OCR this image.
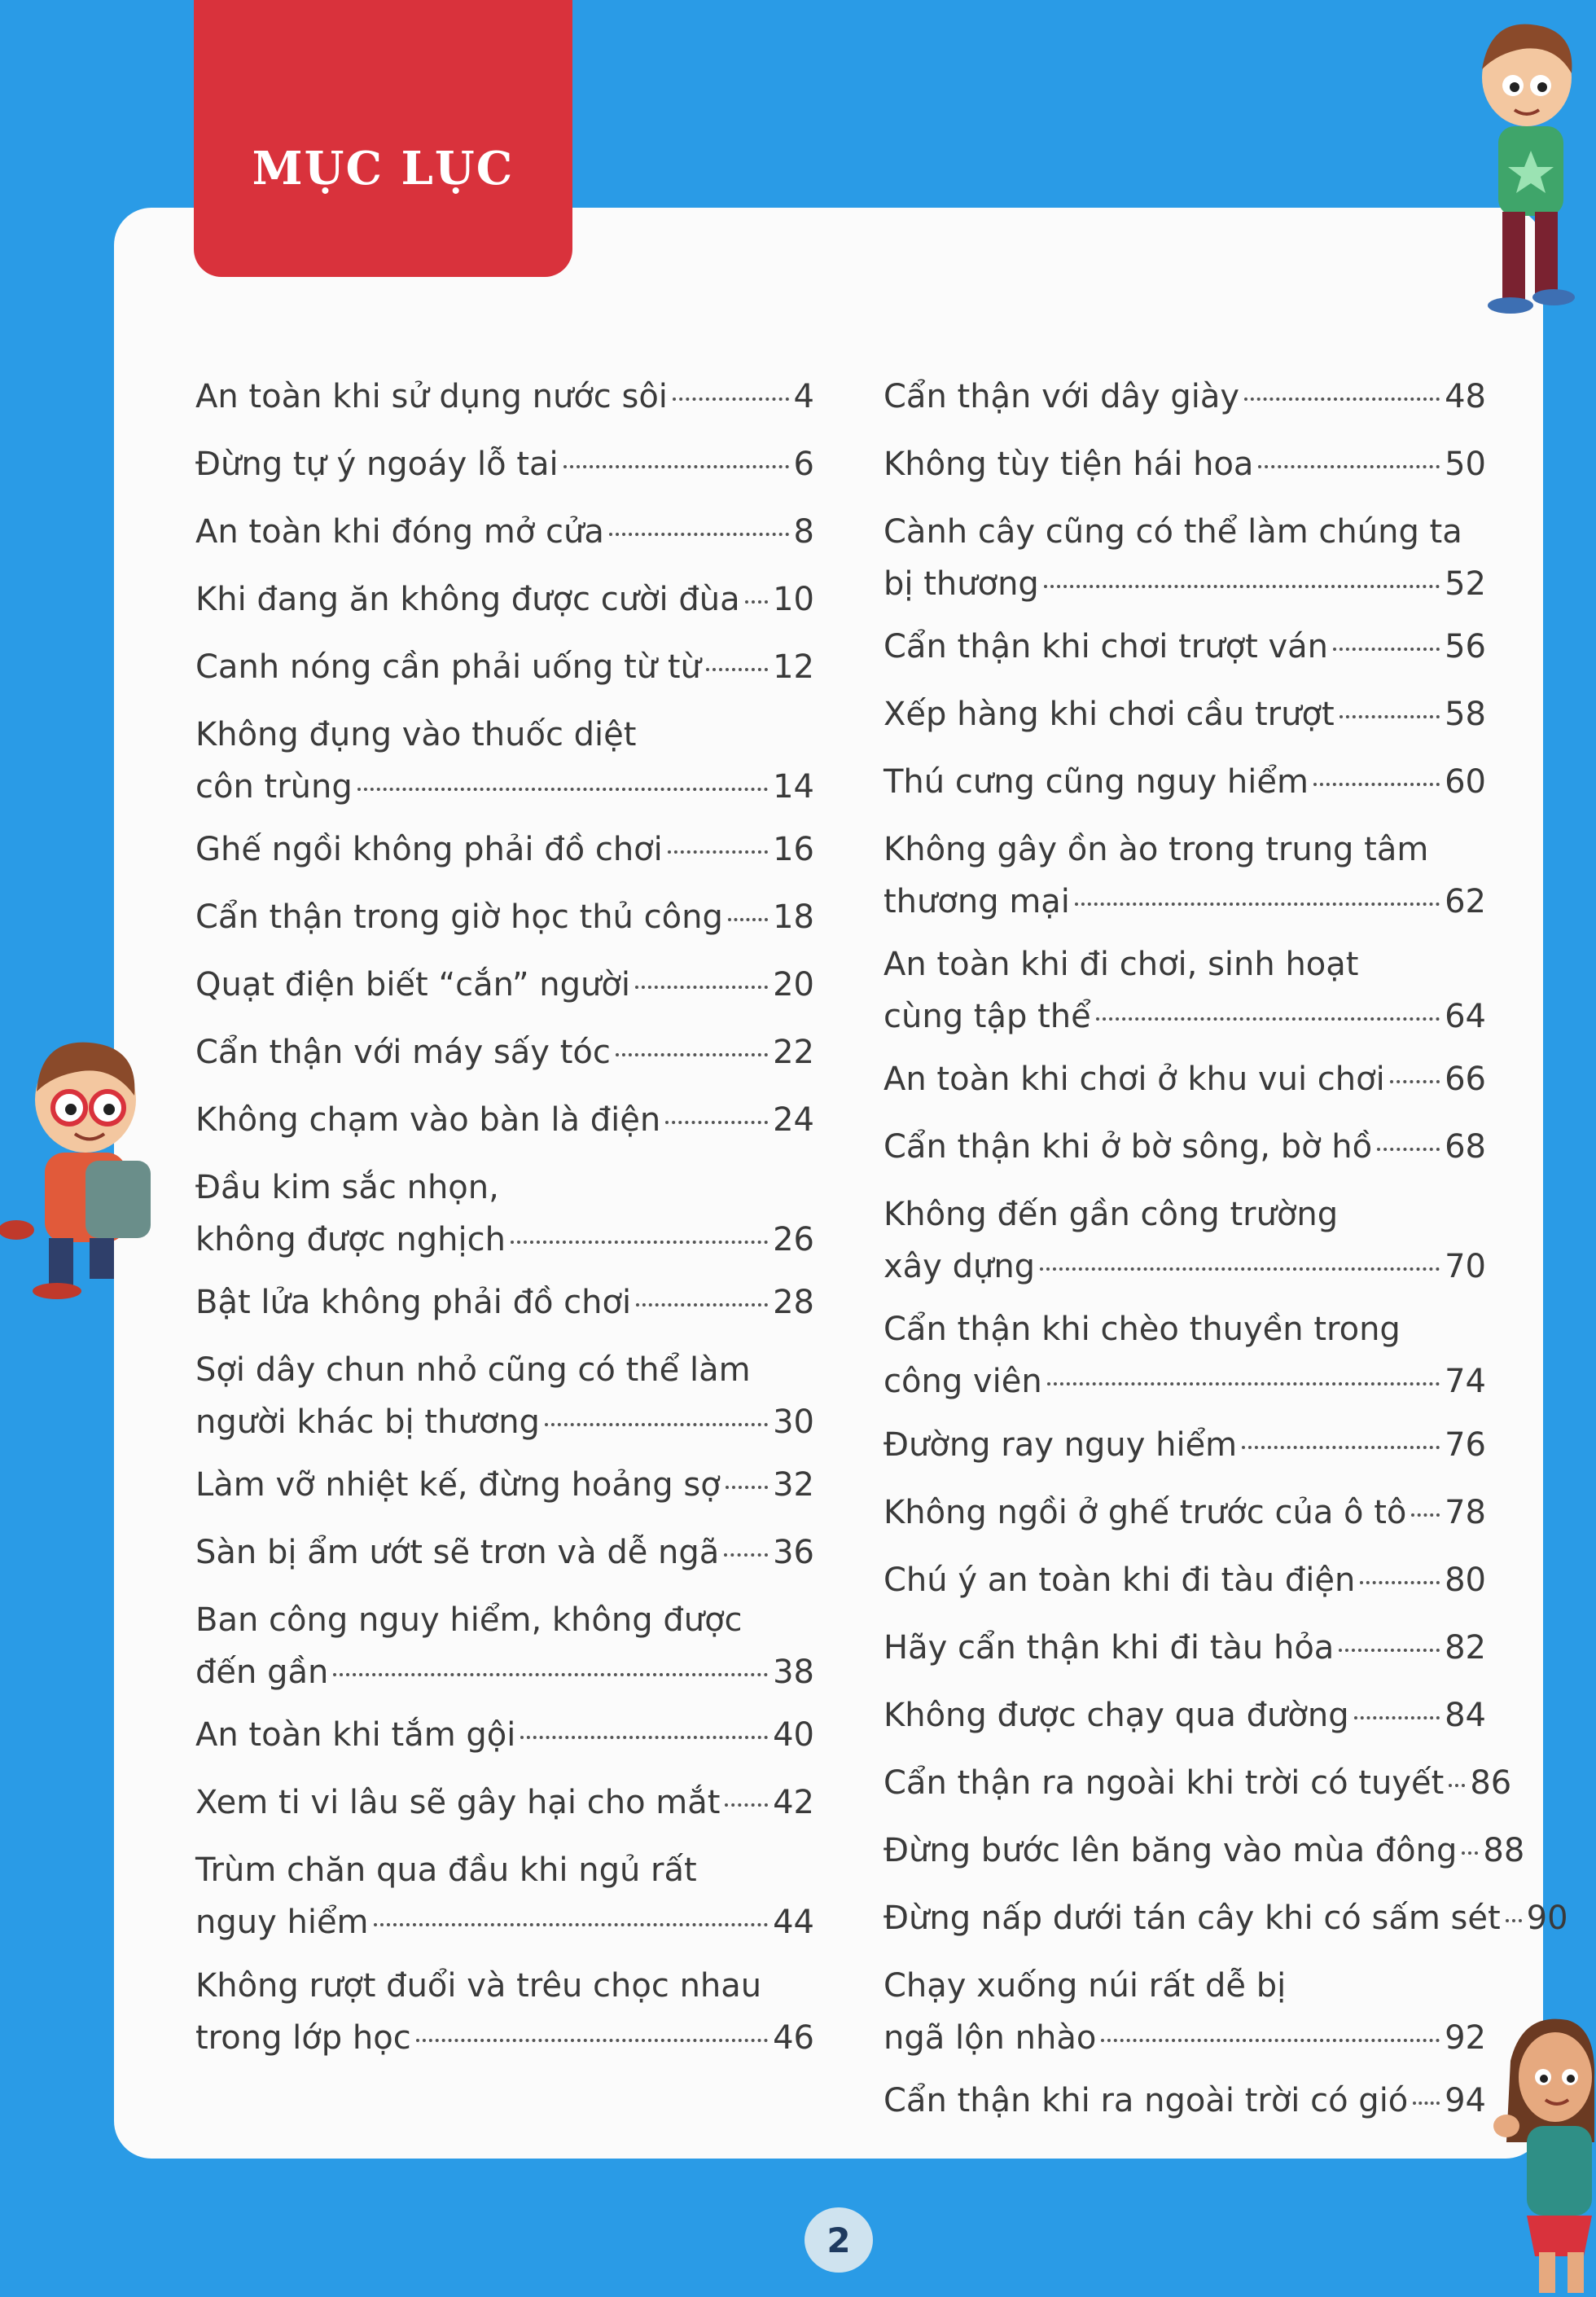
MỤC LỤC
An toàn khi sử dụng nước sôi	4
Đừng tự ý ngoáy lỗ tai	6
An toàn khi đóng mở cửa	8
Khi đang ăn không được cười đùa 10
Canh nóng cần phải uống từ từ 12
Không đụng vào thuốc diệt
côn trùng	14
Ghế ngồi không phải đồ chơi	16
Cẩn thận trong giờ học thủ công 18
Quạt điện biết “cắn” người	20
Cẩn thận với máy sấy tóc	22
Không chạm vào bàn là điện	24
Đầu kim sắc nhọn,
không được nghịch	26
Bật lửa không phải đồ chơi	28
Sợi dây chun nhỏ cũng có thể làm
người khác bị thương	30
Làm vỡ nhiệt kế, đừng hoảng sợ 32
Sàn bị ẩm ướt sẽ trơn và dễ ngã 36
Ban công nguy hiểm, không được
đến gần	38
An toàn khi tắm gội	40
Xem ti vi lâu sẽ gây hại cho mắt 42
Trùm chăn qua đầu khi ngủ rất
nguy hiểm	44
Không rượt đuổi và trêu chọc nhau
trong lớp học	46
Cẩn thận với dây giày	48
Không tùy tiện hái hoa	50
Cành cây cũng có thể làm chúng ta
bị thương	52
Cẩn thận khi chơi trượt ván	56
Xếp hàng khi chơi cầu trượt	58
Thú cưng cũng nguy hiểm	60
Không gây ồn ào trong trung tâm
thương mại	62
An toàn khi đi chơi, sinh hoạt
cùng tập thể	64
An toàn khi chơi ở khu vui chơi 66
Cẩn thận khi ở bờ sông, bờ hồ 68
Không đến gần công trường
xây dựng	70
Cẩn thận khi chèo thuyền trong
công viên	74
Đường ray nguy hiểm	76
Không ngồi ở ghế trước của ô tô 78
Chú ý an toàn khi đi tàu điện	80
Hãy cẩn thận khi đi tàu hỏa	82
Không được chạy qua đường	84
Cẩn thận ra ngoài khi trời có tuyết 86
Đừng bước lên băng vào mùa đông 88
Đừng nấp dưới tán cây khi có sấm sét 90
Chạy xuống núi rất dễ bị
ngã lộn nhào	92
Cẩn thận khi ra ngoài trời có gió 94
2
